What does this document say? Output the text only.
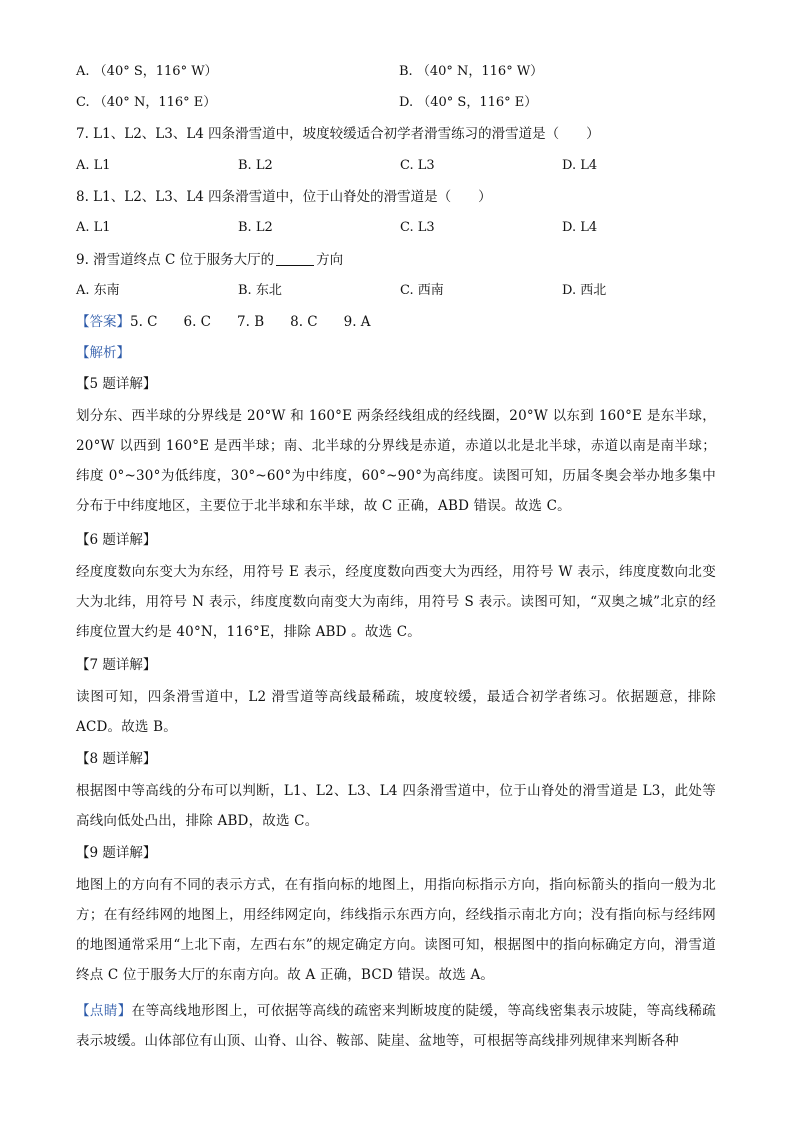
A. （40° S，116° W）	B. （40° N，116° W）
C. （40° N，116° E）	D. （40° S，116° E）
7. L1、L2、L3、L4 四条滑雪道中，坡度较缓适合初学者滑雪练习的滑雪道是（　　）
A. L1	B. L2	C. L3	D. L4
8. L1、L2、L3、L4 四条滑雪道中，位于山脊处的滑雪道是（　　）
A. L1	B. L2	C. L3	D. L4
9. 滑雪道终点 C 位于服务大厅的	方向
A. 东南	B. 东北	C. 西南	D. 西北
【答案】5. C 6. C 7. B 8. C 9. A
【解析】
【5 题详解】

划分东、西半球的分界线是 20°W 和 160°E 两条经线组成的经线圈，20°W 以东到 160°E 是东半球，20°W 以西到 160°E 是西半球；南、北半球的分界线是赤道，赤道以北是北半球，赤道以南是南半球；纬度 0°~30°为低纬度，30°~60°为中纬度，60°~90°为高纬度。读图可知，历届冬奥会举办地多集中分布于中纬度地区，主要位于北半球和东半球，故 C 正确，ABD 错误。故选 C。

【6 题详解】

经度度数向东变大为东经，用符号 E 表示，经度度数向西变大为西经，用符号 W 表示，纬度度数向北变大为北纬，用符号 N 表示，纬度度数向南变大为南纬，用符号 S 表示。读图可知，“双奥之城”北京的经纬度位置大约是 40°N，116°E，排除 ABD 。故选 C。

【7 题详解】

读图可知，四条滑雪道中，L2 滑雪道等高线最稀疏，坡度较缓，最适合初学者练习。依据题意，排除 ACD。故选 B。

【8 题详解】

根据图中等高线的分布可以判断，L1、L2、L3、L4 四条滑雪道中，位于山脊处的滑雪道是 L3，此处等高线向低处凸出，排除 ABD，故选 C。

【9 题详解】

地图上的方向有不同的表示方式，在有指向标的地图上，用指向标指示方向，指向标箭头的指向一般为北方；在有经纬网的地图上，用经纬网定向，纬线指示东西方向，经线指示南北方向；没有指向标与经纬网的地图通常采用“上北下南，左西右东”的规定确定方向。读图可知，根据图中的指向标确定方向，滑雪道终点 C 位于服务大厅的东南方向。故 A 正确，BCD 错误。故选 A。

【点睛】在等高线地形图上，可依据等高线的疏密来判断坡度的陡缓，等高线密集表示坡陡，等高线稀疏表示坡缓。山体部位有山顶、山脊、山谷、鞍部、陡崖、盆地等，可根据等高线排列规律来判断各种
